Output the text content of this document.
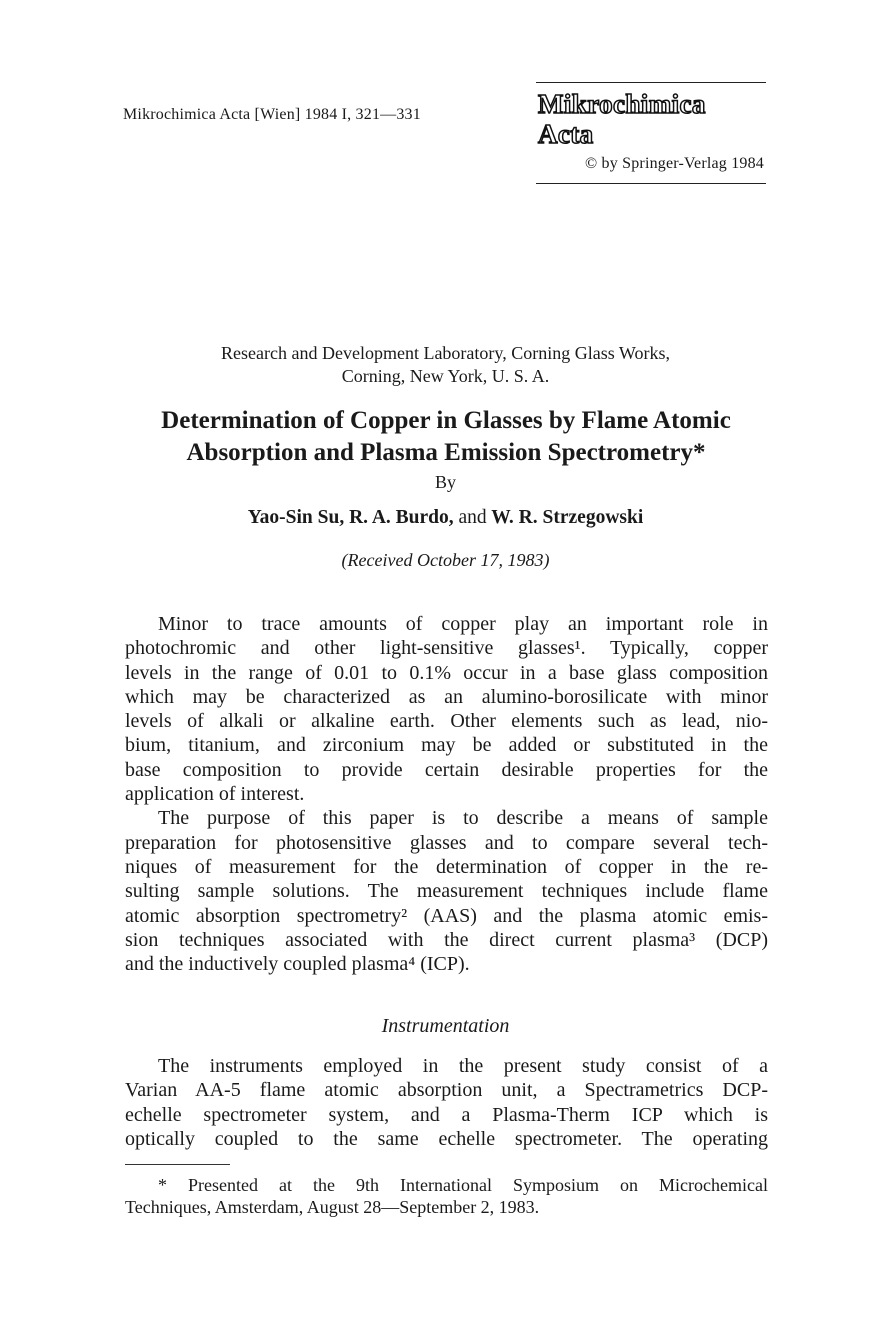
Mikrochimica Acta [Wien] 1984 I, 321—331	Mikrochimica Acta
© by Springer-Verlag 1984
Research and Development Laboratory, Corning Glass Works,
Corning, New York, U. S. A.
Determination of Copper in Glasses by Flame Atomic
Absorption and Plasma Emission Spectrometry*
By
Yao-Sin Su, R. A. Burdo, and W. R. Strzegowski
(Received October 17, 1983)
Minor to trace amounts of copper play an important role in
photochromic and other light-sensitive glasses¹. Typically, copper
levels in the range of 0.01 to 0.1% occur in a base glass composition
which may be characterized as an alumino-borosilicate with minor
levels of alkali or alkaline earth. Other elements such as lead, nio-
bium, titanium, and zirconium may be added or substituted in the
base composition to provide certain desirable properties for the
application of interest.
The purpose of this paper is to describe a means of sample
preparation for photosensitive glasses and to compare several tech-
niques of measurement for the determination of copper in the re-
sulting sample solutions. The measurement techniques include flame
atomic absorption spectrometry² (AAS) and the plasma atomic emis-
sion techniques associated with the direct current plasma³ (DCP)
and the inductively coupled plasma⁴ (ICP).
Instrumentation
The instruments employed in the present study consist of a
Varian AA-5 flame atomic absorption unit, a Spectrametrics DCP-
echelle spectrometer system, and a Plasma-Therm ICP which is
optically coupled to the same echelle spectrometer. The operating
* Presented at the 9th International Symposium on Microchemical
Techniques, Amsterdam, August 28—September 2, 1983.
